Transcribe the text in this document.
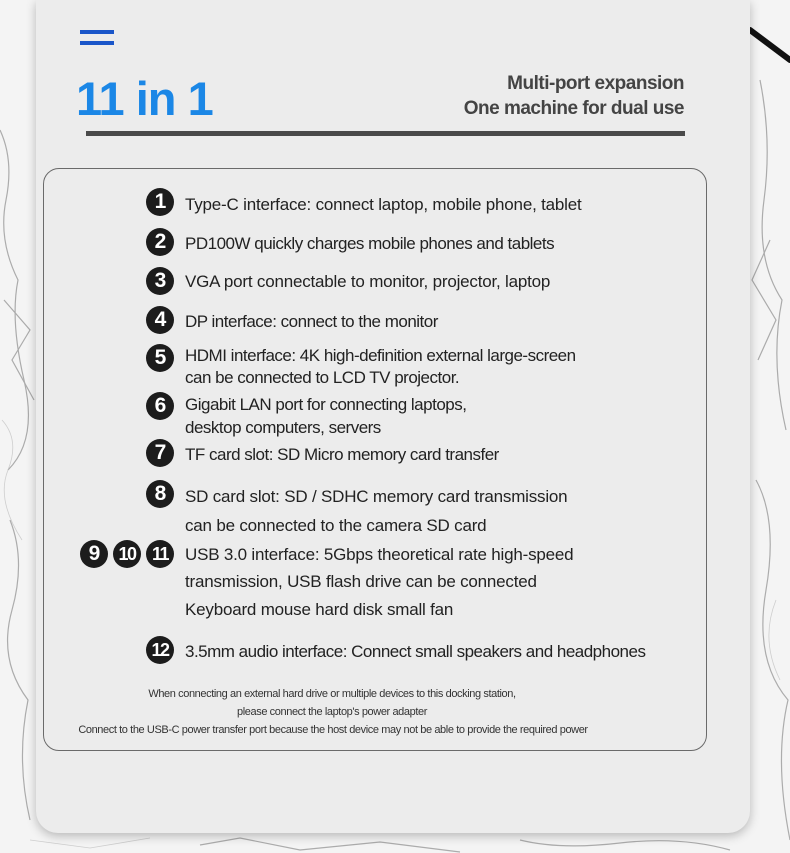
11 in 1	Multi-port expansion
One machine for dual use
1	Type-C interface: connect laptop, mobile phone, tablet
2	PD100W quickly charges mobile phones and tablets
3	VGA port connectable to monitor, projector, laptop
4	DP interface: connect to the monitor
5	HDMI interface: 4K high-definition external large-screen
can be connected to LCD TV projector.
6	Gigabit LAN port for connecting laptops,
desktop computers, servers
7	TF card slot: SD Micro memory card transfer
8	SD card slot: SD / SDHC memory card transmission
can be connected to the camera SD card
9	10 11 USB 3.0 interface: 5Gbps theoretical rate high-speed
transmission, USB flash drive can be connected
Keyboard mouse hard disk small fan
12 3.5mm audio interface: Connect small speakers and headphones
When connecting an external hard drive or multiple devices to this docking station,
please connect the laptop's power adapter
Connect to the USB-C power transfer port because the host device may not be able to provide the required power
